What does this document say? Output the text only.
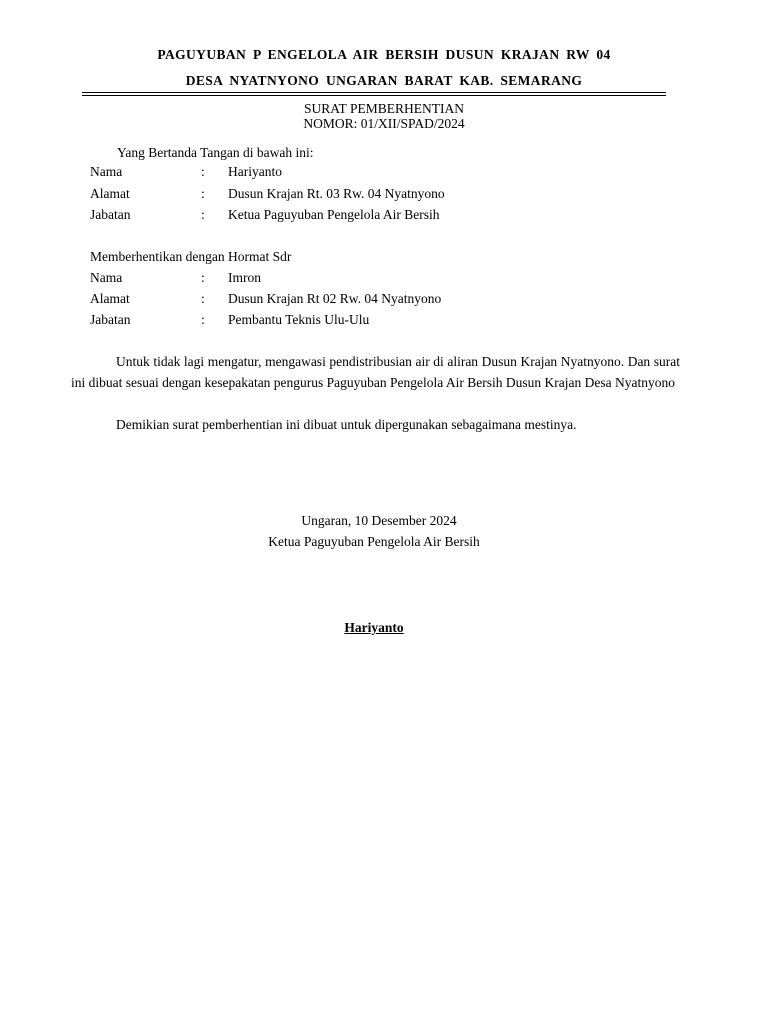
PAGUYUBAN P ENGELOLA AIR BERSIH DUSUN KRAJAN RW 04
DESA NYATNYONO UNGARAN BARAT KAB. SEMARANG
SURAT PEMBERHENTIAN
NOMOR: 01/XII/SPAD/2024
Yang Bertanda Tangan di bawah ini:
Nama	: Hariyanto
Alamat	: Dusun Krajan Rt. 03 Rw. 04 Nyatnyono
Jabatan	: Ketua Paguyuban Pengelola Air Bersih
Memberhentikan dengan Hormat Sdr
Nama	: Imron
Alamat	: Dusun Krajan Rt 02 Rw. 04 Nyatnyono
Jabatan	: Pembantu Teknis Ulu-Ulu
Untuk tidak lagi mengatur, mengawasi pendistribusian air di aliran Dusun Krajan Nyatnyono. Dan surat ini dibuat sesuai dengan kesepakatan pengurus Paguyuban Pengelola Air Bersih Dusun Krajan Desa Nyatnyono
Demikian surat pemberhentian ini dibuat untuk dipergunakan sebagaimana mestinya.
Ungaran, 10 Desember 2024
Ketua Paguyuban Pengelola Air Bersih
Hariyanto
